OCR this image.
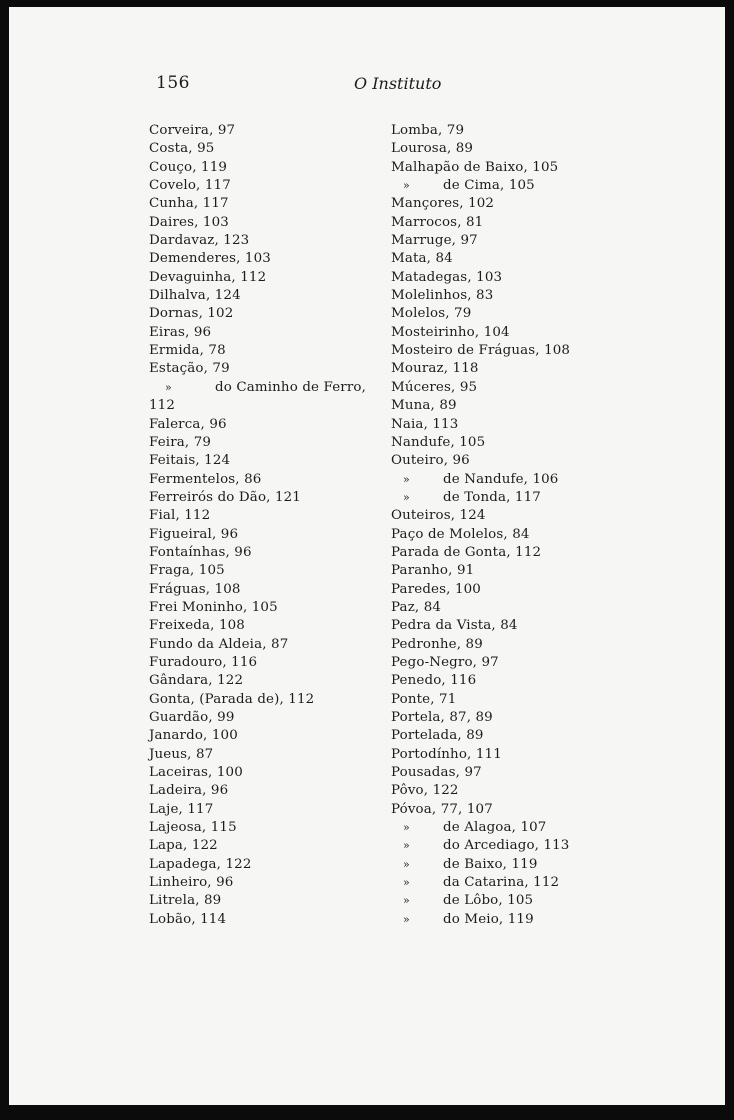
156	O Instituto
Corveira, 97
Costa, 95
Couço, 119
Covelo, 117
Cunha, 117
Daires, 103
Dardavaz, 123
Demenderes, 103
Devaguinha, 112
Dilhalva, 124
Dornas, 102
Eiras, 96
Ermida, 78
Estação, 79
»	do Caminho de Ferro,
112
Falerca, 96
Feira, 79
Feitais, 124
Fermentelos, 86
Ferreirós do Dão, 121
Fial, 112
Figueiral, 96
Fontaínhas, 96
Fraga, 105
Fráguas, 108
Frei Moninho, 105
Freixeda, 108
Fundo da Aldeia, 87
Furadouro, 116
Gândara, 122
Gonta, (Parada de), 112
Guardão, 99
Janardo, 100
Jueus, 87
Laceiras, 100
Ladeira, 96
Laje, 117
Lajeosa, 115
Lapa, 122
Lapadega, 122
Linheiro, 96
Litrela, 89
Lobão, 114
Lomba, 79
Lourosa, 89
Malhapão de Baixo, 105
» de Cima, 105
Mançores, 102
Marrocos, 81
Marruge, 97
Mata, 84
Matadegas, 103
Molelinhos, 83
Molelos, 79
Mosteirinho, 104
Mosteiro de Fráguas, 108
Mouraz, 118
Múceres, 95
Muna, 89
Naia, 113
Nandufe, 105
Outeiro, 96
» de Nandufe, 106
» de Tonda, 117
Outeiros, 124
Paço de Molelos, 84
Parada de Gonta, 112
Paranho, 91
Paredes, 100
Paz, 84
Pedra da Vista, 84
Pedronhe, 89
Pego-Negro, 97
Penedo, 116
Ponte, 71
Portela, 87, 89
Portelada, 89
Portodínho, 111
Pousadas, 97
Pôvo, 122
Póvoa, 77, 107
» de Alagoa, 107
» do Arcediago, 113
» de Baixo, 119
» da Catarina, 112
» de Lôbo, 105
» do Meio, 119
